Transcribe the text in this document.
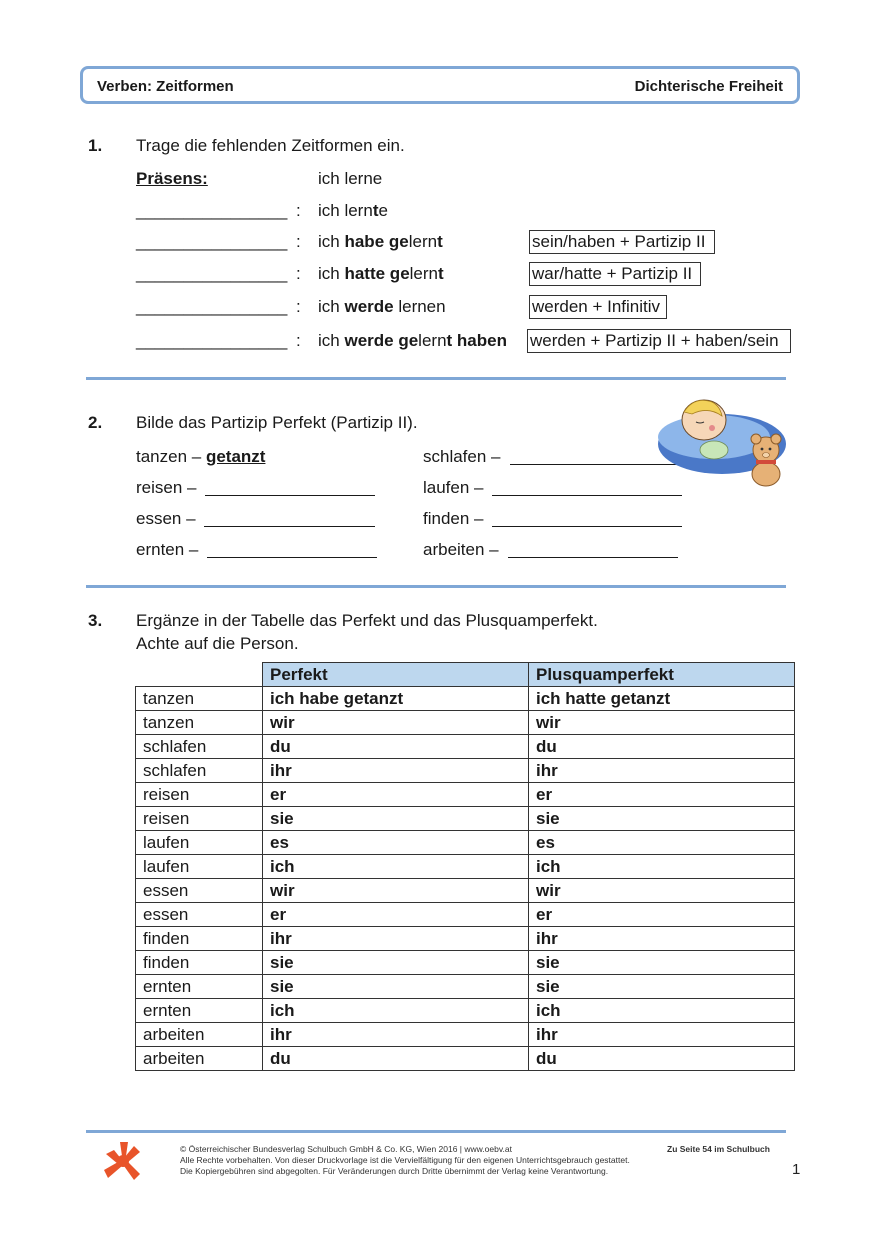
Verben: Zeitformen	Dichterische Freiheit
1. Trage die fehlenden Zeitformen ein.
Präsens:	ich lerne
________________ : ich lernte
________________ : ich habe gelernt	sein/haben + Partizip II
________________ : ich hatte gelernt	war/hatte + Partizip II
________________ : ich werde lernen	werden + Infinitiv
________________ : ich werde gelernt haben werden + Partizip II + haben/sein
2. Bilde das Partizip Perfekt (Partizip II).
tanzen – getanzt
reisen –
essen –
ernten –
schlafen –
laufen –
finden –
arbeiten –
3. Ergänze in der Tabelle das Perfekt und das Plusquamperfekt.
Achte auf die Person.
	Perfekt	Plusquamperfekt
tanzen	ich habe getanzt	ich hatte getanzt
tanzen	wir	wir
schlafen	du	du
schlafen	ihr	ihr
reisen	er	er
reisen	sie	sie
laufen	es	es
laufen	ich	ich
essen	wir	wir
essen	er	er
finden	ihr	ihr
finden	sie	sie
ernten	sie	sie
ernten	ich	ich
arbeiten	ihr	ihr
arbeiten	du	du
© Österreichischer Bundesverlag Schulbuch GmbH & Co. KG, Wien 2016 | www.oebv.at
Alle Rechte vorbehalten. Von dieser Druckvorlage ist die Vervielfältigung für den eigenen Unterrichtsgebrauch gestattet.
Die Kopiergebühren sind abgegolten. Für Veränderungen durch Dritte übernimmt der Verlag keine Verantwortung.
Zu Seite 54 im Schulbuch
1
